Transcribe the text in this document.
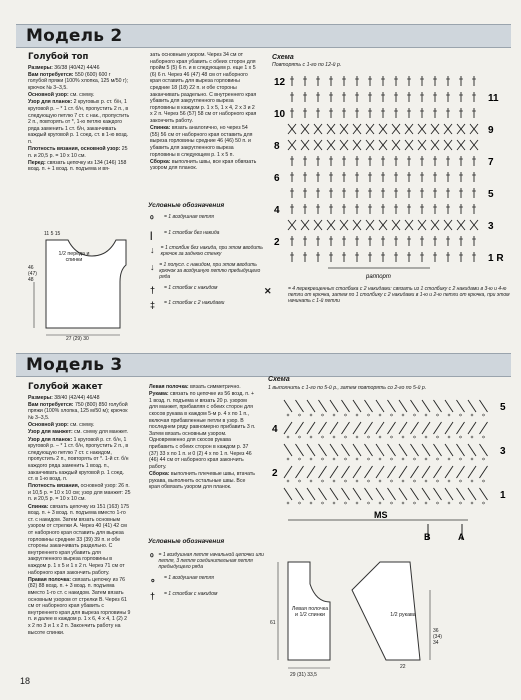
Модель 2
Голубой топ

Размеры: 36/38 (40/42) 44/46

Вам потребуется: 550 (600) 600 г голубой пряжи (100% хлопка, 125 м/50 г); крючок № 3–3,5.

Основной узор: см. схему.

Узор для планок: 2 круговых р. ст. б/н, 1 круговой р. – * 1 ст. б/н, пропустить 2 п., в следующую петлю 7 ст. с нак., пропустить 2 п., повторять от *, 1-ю петлю каждого ряда заменить 1 ст. б/н, заканчивать каждый круговой р. 1 соед. ст. в 1-ю возд. п.

Плотность вязания, основной узор: 25 п. и 20,5 р. = 10 х 10 см.

Перед: связать цепочку из 134 (146) 158 возд. п. + 1 возд. п. подъема и вя-

зать основным узором. Через 34 см от наборного края убавить с обеих сторон для пройм 5 (5) 6 п. и в следующем р. еще 1 х 5 (6) 6 п. Через 46 (47) 48 см от наборного края оставить для выреза горловины средние 18 (18) 22 п. и обе стороны заканчивать раздельно. С внутреннего края убавить для закругленного выреза горловины в каждом р. 1 х 5, 1 х 4, 2 х 3 и 2 х 2 п. Через 56 (57) 58 см от наборного края закончить работу.

Спинка: вязать аналогично, но через 54 (55) 56 см от наборного края оставить для выреза горловины средние 46 (46) 50 п. и убавить для закругленного выреза горловины в следующем р. 1 х 5 п.

Сборка: выполнить швы, все края обвязать узором для планок.

1/2 переда и спинки
11 5 15
46
(47)
48
27 (29) 30
Схема
Повторять с 1-го по 12-й р.
12
11
10
9
8
7
6
5
4
3
2
1 R
раппорт
Условные обозначения
⁰	= 1 воздушная петля
|	= 1 столбик без накида
↓	= 1 столбик без накида, при этом вводить крючок за заднюю стенку
↓ = 1 полусл. с накидом, при этом вводить крючок за воздушную петлю предыдущего ряда
†	= 1 столбик с накидом
‡	= 1 столбик с 2 накидами
✕	= 4 перекрещенных столбика с 2 накидами: связать из 1 столбику с 2 накидами в 3-ю и 4-ю петли от крючка, затем по 1 столбику с 2 накидами в 1-ю и 2-ю петли от крючка, при этом начинать с 1-й петли
Модель 3
Голубой жакет

Размеры: 38/40 (42/44) 46/48

Вам потребуется: 750 (800) 850 голубой пряжи (100% хлопка, 125 м/50 м); крючок № 3–3,5.

Основной узор: см. схему.

Узор для манжет: см. схему для манжет.

Узор для планок: 1 круговой р. ст. б/н, 1 круговой р. – * 1 ст. б/н, пропустить 2 п., в следующую петлю 7 ст. с накидом, пропустить 2 п., повторять от *. 1-й ст. б/н каждого ряда заменить 1 возд. п., заканчивать каждый круговой р. 1 соед. ст. в 1-ю возд. п.

Плотность вязания, основной узор: 26 п. и 10,5 р. = 10 х 10 см; узор для манжет: 25 п. и 20,5 р. = 10 х 10 см.

Спинка: связать цепочку из 151 (163) 175 возд. п. + 3 возд. п. подъема вместо 1-го ст. с накидом. Затем вязать основным узором от стрелки А. Через 40 (41) 42 см от наборного края оставить для выреза горловины средние 33 (39) 39 п. и обе стороны заканчивать раздельно. С внутреннего края убавить для закругленного выреза горловины в каждом р. 1 х 5 и 1 х 2 п. Через 71 см от наборного края закончить работу.

Правая полочка: связать цепочку из 76 (82) 88 возд. п. + 3 возд. п. подъема вместо 1-го ст. с накидом. Затем вязать основным узором от стрелки В. Через 61 см от наборного края убавить с внутреннего края для выреза горловины 9 п. и далее в каждом р. 1 х 6, 4 х 4, 1 (2) 2 х 2 по 3 и 1 х 2 п. Закончить работу на высоте спинки.

Левая полочка: вязать симметрично.

Рукава: связать по цепочке из 56 возд. п. + 1 возд. п. подъема и вязать 20 р. узором для манжет, прибавляя с обеих сторон для скосов рукава в каждом 5-м р. 4 х по 1 п., включая прибавленные петли в узор. В последнем ряду равномерно прибавить 3 п. Затем вязать основным узором. Одновременно для скосов рукава прибавить с обеих сторон в каждом р. 37 (37) 33 х по 1 п. и 0 (2) 4 х по 1 п. Через 46 (46) 44 см от наборного края закончить работу.

Сборка: выполнить плечевые швы, втачать рукава, выполнить остальные швы. Все края обвязать узором для планок.

Схема
1 выполнить с 1-го по 5-й р., затем повторять со 2-го по 5-й р.
5
4
3
2
1
MS
B	A
Условные обозначения
⁰ = 1 воздушная петля начальной цепочки или петля, 3 петля соединительная петля предыдущего ряда
∘	= 1 воздушная петля
†	= 1 столбик с накидом
Левая полочка и 1/2 спинки	1/2 рукава
61
36 (34) 34
29 (31) 33,5
22
18
